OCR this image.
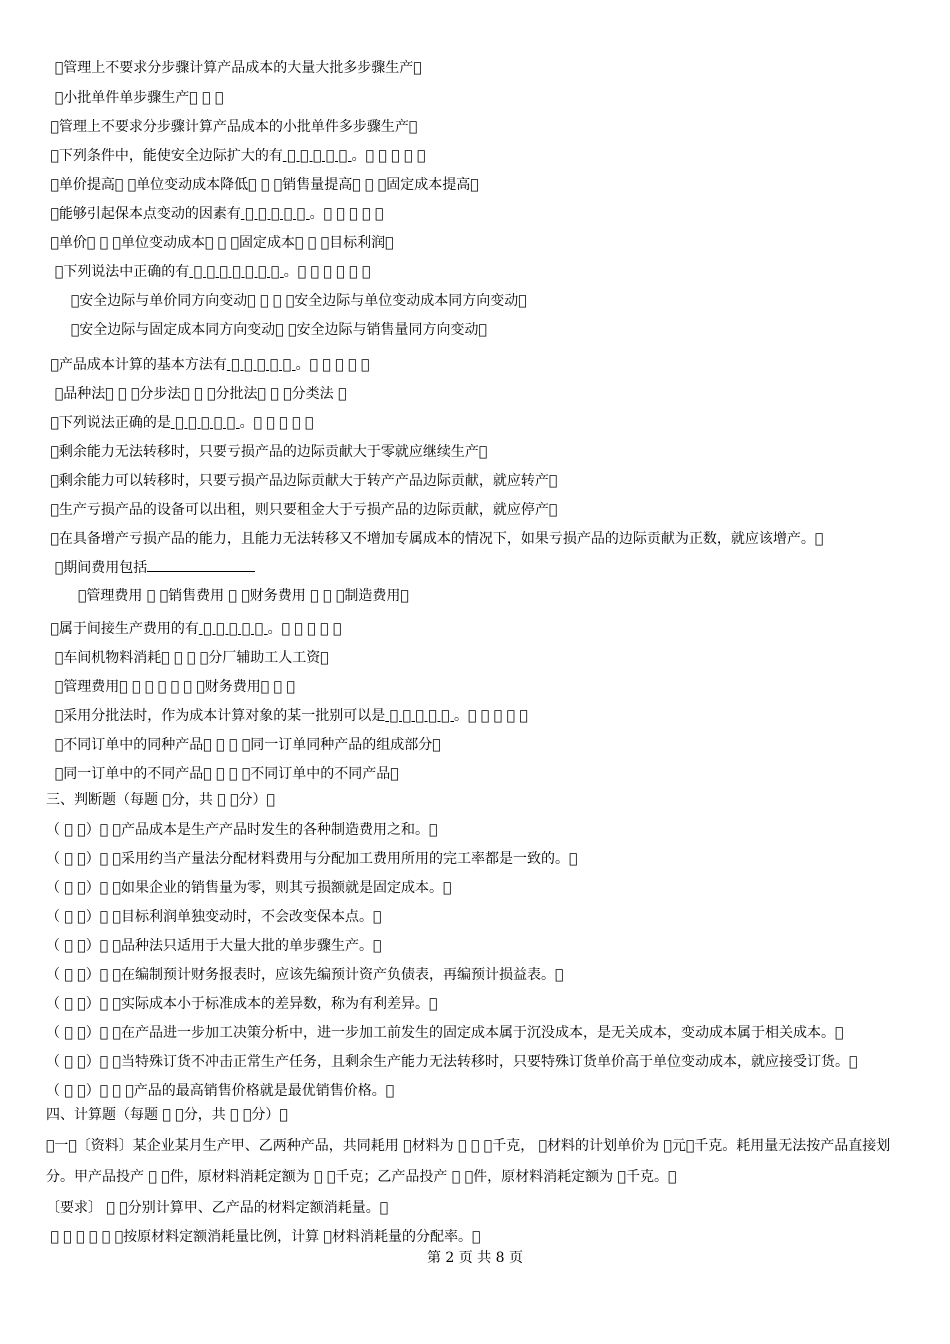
￿管理上不要求分步骤计算产品成本的大量大批多步骤生产￿
￿小批单件单步骤生产￿ ￿ ￿
￿管理上不要求分步骤计算产品成本的小批单件多步骤生产￿
￿下列条件中，能使安全边际扩大的有 ￿ ￿ ￿ ￿ ￿ 。￿ ￿ ￿ ￿ ￿
￿单价提高￿ ￿单位变动成本降低￿ ￿ ￿销售量提高￿ ￿ ￿固定成本提高￿
￿能够引起保本点变动的因素有 ￿ ￿ ￿ ￿ ￿ 。￿ ￿ ￿ ￿ ￿
￿单价￿ ￿ ￿单位变动成本￿ ￿ ￿固定成本￿ ￿ ￿目标利润￿
￿下列说法中正确的有 ￿ ￿ ￿ ￿ ￿ ￿ ￿ 。￿ ￿ ￿ ￿ ￿ ￿
￿安全边际与单价同方向变动￿ ￿ ￿ ￿安全边际与单位变动成本同方向变动￿
￿安全边际与固定成本同方向变动￿ ￿安全边际与销售量同方向变动￿
￿产品成本计算的基本方法有 ￿ ￿ ￿ ￿ ￿ 。￿ ￿ ￿ ￿ ￿
￿品种法￿ ￿ ￿分步法￿ ￿ ￿分批法￿ ￿ ￿分类法 ￿
￿下列说法正确的是 ￿ ￿ ￿ ￿ ￿ 。￿ ￿ ￿ ￿ ￿
￿剩余能力无法转移时，只要亏损产品的边际贡献大于零就应继续生产￿
￿剩余能力可以转移时，只要亏损产品边际贡献大于转产产品边际贡献，就应转产￿
￿生产亏损产品的设备可以出租，则只要租金大于亏损产品的边际贡献，就应停产￿
￿在具备增产亏损产品的能力，且能力无法转移又不增加专属成本的情况下，如果亏损产品的边际贡献为正数，就应该增产。￿
￿期间费用包括
￿管理费用 ￿ ￿销售费用 ￿ ￿财务费用 ￿ ￿ ￿制造费用￿
￿属于间接生产费用的有 ￿ ￿ ￿ ￿ ￿ 。￿ ￿ ￿ ￿ ￿
￿车间机物料消耗￿ ￿ ￿ ￿分厂辅助工人工资￿
￿管理费用￿ ￿ ￿ ￿ ￿ ￿ ￿财务费用￿ ￿ ￿
￿采用分批法时，作为成本计算对象的某一批别可以是 ￿ ￿ ￿ ￿ ￿ 。￿ ￿ ￿ ￿ ￿
￿不同订单中的同种产品￿ ￿ ￿ ￿同一订单同种产品的组成部分￿
￿同一订单中的不同产品￿ ￿ ￿ ￿不同订单中的不同产品￿
三、判断题（每题 ￿分，共 ￿ ￿分）￿
（ ￿ ￿）￿ ￿产品成本是生产产品时发生的各种制造费用之和。￿
（ ￿ ￿）￿ ￿采用约当产量法分配材料费用与分配加工费用所用的完工率都是一致的。￿
（ ￿ ￿）￿ ￿如果企业的销售量为零，则其亏损额就是固定成本。￿
（ ￿ ￿）￿ ￿目标利润单独变动时，不会改变保本点。￿
（ ￿ ￿）￿ ￿品种法只适用于大量大批的单步骤生产。￿
（ ￿ ￿）￿ ￿在编制预计财务报表时，应该先编预计资产负债表，再编预计损益表。￿
（ ￿ ￿）￿ ￿实际成本小于标准成本的差异数，称为有利差异。￿
（ ￿ ￿）￿ ￿在产品进一步加工决策分析中，进一步加工前发生的固定成本属于沉没成本，是无关成本，变动成本属于相关成本。￿
（ ￿ ￿）￿ ￿当特殊订货不冲击正常生产任务，且剩余生产能力无法转移时，只要特殊订货单价高于单位变动成本，就应接受订货。￿
（ ￿ ￿）￿ ￿ ￿产品的最高销售价格就是最优销售价格。￿
四、计算题（每题 ￿ ￿分，共 ￿ ￿分）￿
￿一￿〔资料〕某企业某月生产甲、乙两种产品，共同耗用 ￿材料为 ￿ ￿ ￿千克， ￿材料的计划单价为 ￿元￿千克。耗用量无法按产品直接划分。甲产品投产 ￿ ￿件，原材料消耗定额为 ￿ ￿千克；乙产品投产 ￿ ￿件，原材料消耗定额为 ￿千克。￿
〔要求〕 ￿ ￿分别计算甲、乙产品的材料定额消耗量。￿
￿ ￿ ￿ ￿ ￿ ￿按原材料定额消耗量比例，计算 ￿材料消耗量的分配率。￿
第 2 页 共 8 页
